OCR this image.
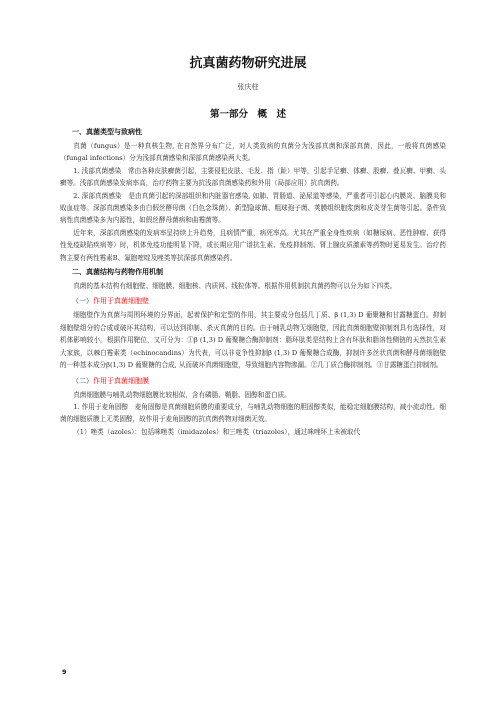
抗真菌药物研究进展
张庆柱
第一部分　概　述
一、真菌类型与致病性

真菌（fungus）是一种真核生物, 在自然界分布广泛，对人类致病的真菌分为浅部真菌和深部真菌，因此，一般将真菌感染（fungal infections）分为浅部真菌感染和深部真菌感染两大类。

1. 浅部真菌感染　常由各种皮肤癣菌引起，主要侵犯皮肤、毛发、指（趾）甲等，引起手足癣、体癣、股癣、叠瓦癣、甲癣、头癣等。浅部真菌感染发病率高，治疗药物主要为抗浅部真菌感染药和外用（局部应用）抗真菌药。

2. 深部真菌感染　是由真菌引起的深部组织和内脏器官感染, 如肺、胃肠道、泌尿道等感染，严重者可引起心内膜炎、脑膜炎和败血症等。深部真菌感染多由白假丝酵母菌（白色念珠菌）、新型隐球菌、粗球孢子菌、荚膜组织胞浆菌和皮炎芽生菌等引起。条件致病性真菌感染多为内源性，如假丝酵母菌病和曲霉菌等。

近年来，深部真菌感染的发病率呈持续上升趋势，且病情严重，病死率高。尤其在严重全身性疾病（如糖尿病、恶性肿瘤、获得性免疫缺陷疾病等）时，机体免疫功能明显下降，或长期应用广谱抗生素、免疫抑制剂、肾上腺皮质激素等药物时更易发生。治疗药物主要有两性霉素B、氟胞嘧啶及唑类等抗深部真菌感染药。

二、真菌结构与药物作用机制

真菌的基本结构有细胞壁、细胞膜、细胞核、内质网、线粒体等。根据作用机制抗真菌药物可以分为如下四类。

（一）作用于真菌细胞壁

细胞壁作为真菌与周围环境的分界面，起着保护和定型的作用，其主要成分包括几丁质、β (1,3) D 葡聚糖和甘露糖蛋白。抑制细胞壁组分的合成或破坏其结构，可以达到抑制、杀灭真菌的目的。由于哺乳动物无细胞壁，因此真菌细胞壁抑制剂具有选择性，对机体影响较小。根据作用靶位，又可分为：①β (1,3) D 葡聚糖合酶抑制剂：脂环肽类是结构上含有环肽和脂溶性侧链的天然抗生素大家族，以棘白霉素类（echinocandins）为代表，可以非竞争性抑制β (1,3) D 葡聚糖合成酶，抑制许多丝状真菌和酵母菌细胞壁的一种基本成分β(1,3) D 葡聚糖的合成, 从而破坏真菌细胞壁，导致细胞内容物渗漏。②几丁质合酶抑制剂。③甘露糖蛋白抑制剂。

（二）作用于真菌细胞膜

真菌细胞膜与哺乳动物细胞膜比较相似，含有磷脂、鞘脂、固醇和蛋白质。

1. 作用于麦角固醇　麦角固醇是真菌细胞质膜的重要成分，与哺乳动物细胞的胆固醇类似，能稳定细胞膜结构，减小流动性。细菌的细胞质膜上无类固醇，故作用于麦角固醇的抗真菌药物对细菌无效。

（1）唑类（azoles）：包括咪唑类（imidazoles）和三唑类（triazoles），通过咪唑环上未被取代

9
